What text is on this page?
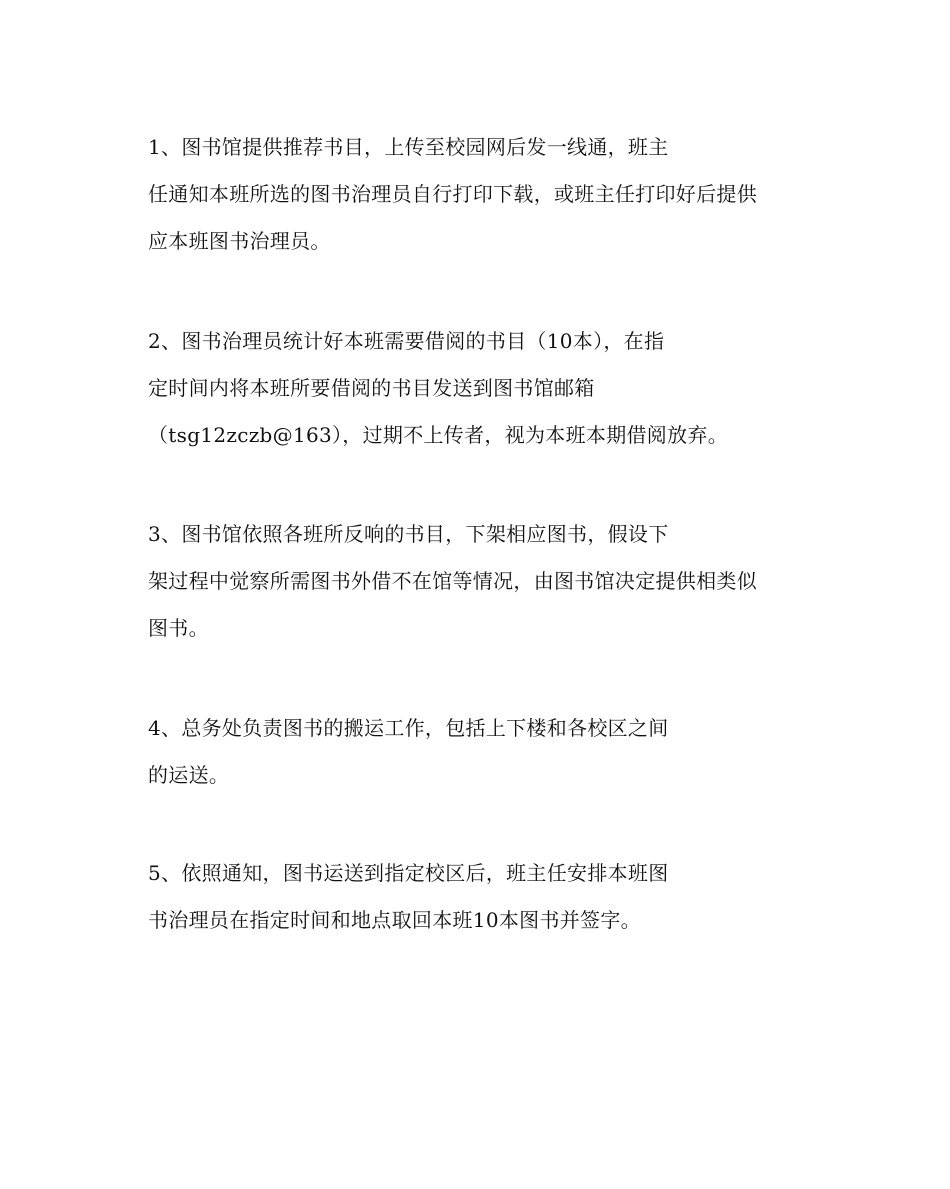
1、图书馆提供推荐书目，上传至校园网后发一线通，班主
任通知本班所选的图书治理员自行打印下载，或班主任打印好后提供
应本班图书治理员。

2、图书治理员统计好本班需要借阅的书目（10本），在指
定时间内将本班所要借阅的书目发送到图书馆邮箱
（tsg12zczb@163），过期不上传者，视为本班本期借阅放弃。

3、图书馆依照各班所反响的书目，下架相应图书，假设下
架过程中觉察所需图书外借不在馆等情况，由图书馆决定提供相类似
图书。

4、总务处负责图书的搬运工作，包括上下楼和各校区之间
的运送。

5、依照通知，图书运送到指定校区后，班主任安排本班图
书治理员在指定时间和地点取回本班10本图书并签字。
